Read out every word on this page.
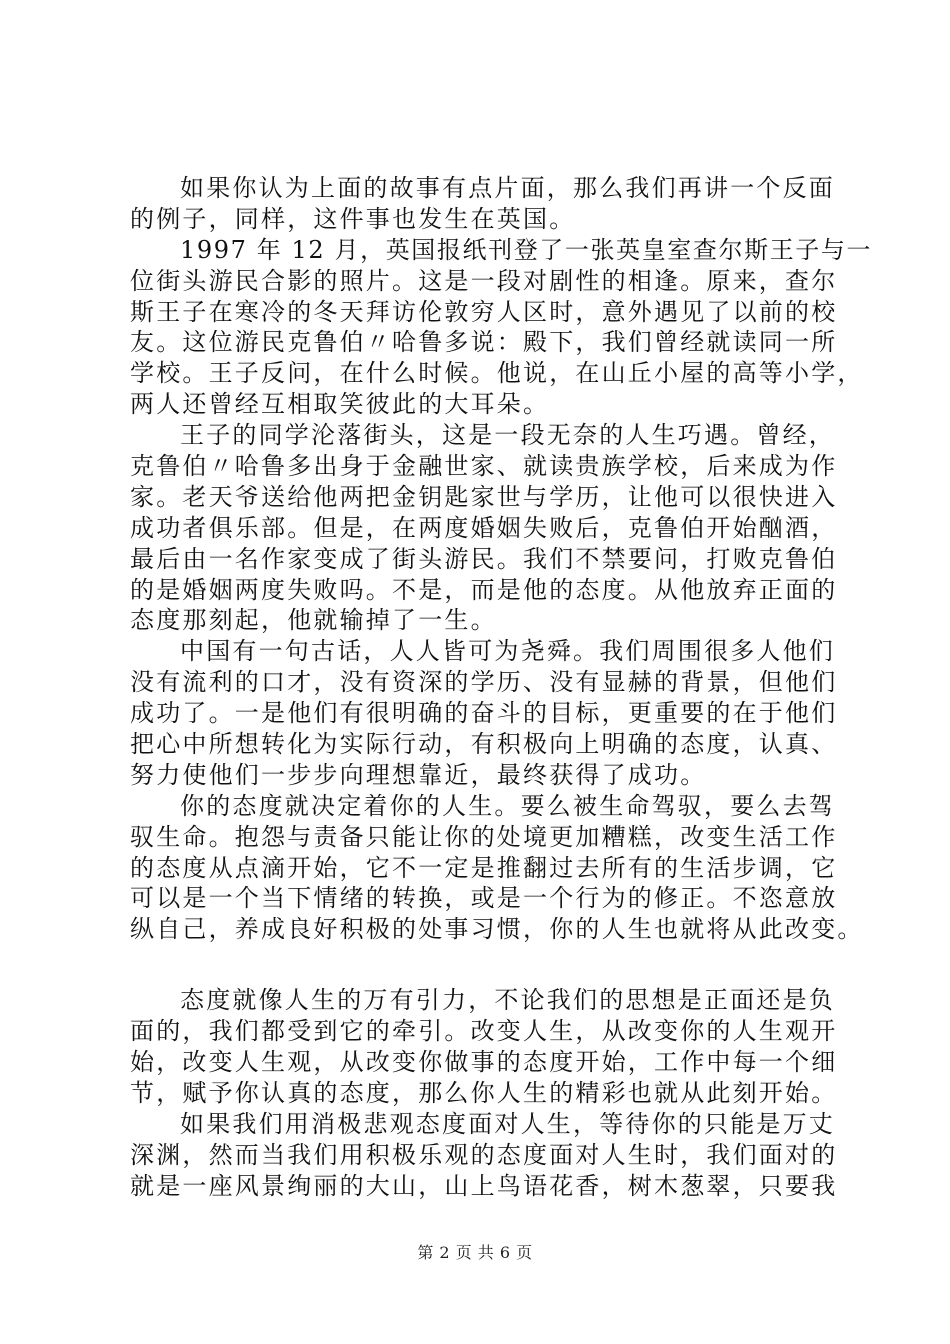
如果你认为上面的故事有点片面，那么我们再讲一个反面
的例子，同样，这件事也发生在英国。
1997 年 12 月，英国报纸刊登了一张英皇室查尔斯王子与一
位街头游民合影的照片。这是一段对剧性的相逢。原来，查尔
斯王子在寒冷的冬天拜访伦敦穷人区时，意外遇见了以前的校
友。这位游民克鲁伯〃哈鲁多说：殿下，我们曾经就读同一所
学校。王子反问，在什么时候。他说，在山丘小屋的高等小学，
两人还曾经互相取笑彼此的大耳朵。
王子的同学沦落街头，这是一段无奈的人生巧遇。曾经，
克鲁伯〃哈鲁多出身于金融世家、就读贵族学校，后来成为作
家。老天爷送给他两把金钥匙家世与学历，让他可以很快进入
成功者俱乐部。但是，在两度婚姻失败后，克鲁伯开始酗酒，
最后由一名作家变成了街头游民。我们不禁要问，打败克鲁伯
的是婚姻两度失败吗。不是，而是他的态度。从他放弃正面的
态度那刻起，他就输掉了一生。
中国有一句古话，人人皆可为尧舜。我们周围很多人他们
没有流利的口才，没有资深的学历、没有显赫的背景，但他们
成功了。一是他们有很明确的奋斗的目标，更重要的在于他们
把心中所想转化为实际行动，有积极向上明确的态度，认真、
努力使他们一步步向理想靠近，最终获得了成功。
你的态度就决定着你的人生。要么被生命驾驭，要么去驾
驭生命。抱怨与责备只能让你的处境更加糟糕，改变生活工作
的态度从点滴开始，它不一定是推翻过去所有的生活步调，它
可以是一个当下情绪的转换，或是一个行为的修正。不恣意放
纵自己，养成良好积极的处事习惯，你的人生也就将从此改变。
态度就像人生的万有引力，不论我们的思想是正面还是负
面的，我们都受到它的牵引。改变人生，从改变你的人生观开
始，改变人生观，从改变你做事的态度开始，工作中每一个细
节，赋予你认真的态度，那么你人生的精彩也就从此刻开始。
如果我们用消极悲观态度面对人生，等待你的只能是万丈
深渊，然而当我们用积极乐观的态度面对人生时，我们面对的
就是一座风景绚丽的大山，山上鸟语花香，树木葱翠，只要我
第 2 页 共 6 页
